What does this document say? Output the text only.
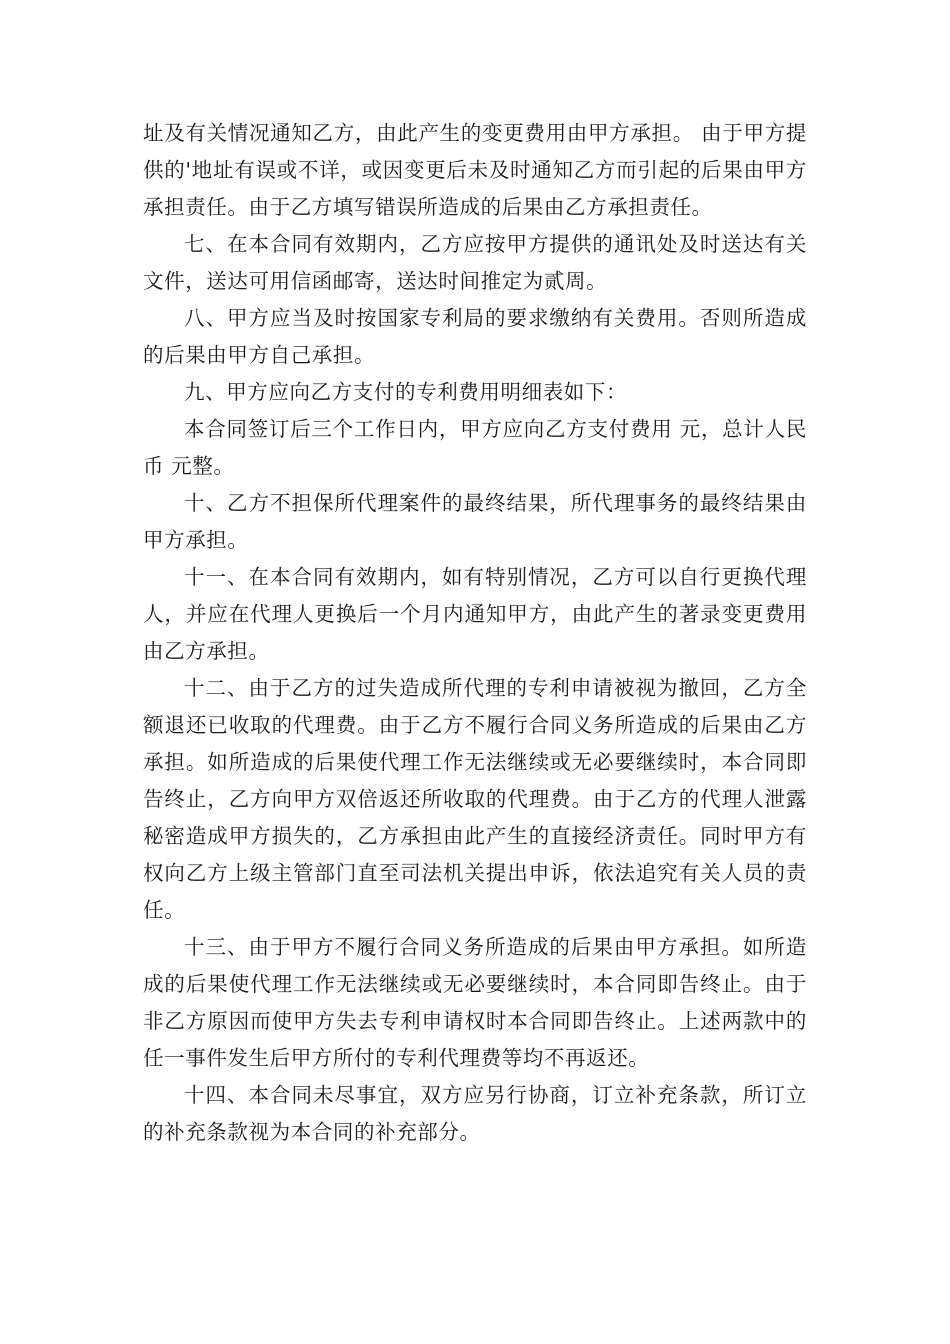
址及有关情况通知乙方，由此产生的变更费用由甲方承担。 由于甲方提供的'地址有误或不详，或因变更后未及时通知乙方而引起的后果由甲方承担责任。由于乙方填写错误所造成的后果由乙方承担责任。

七、在本合同有效期内，乙方应按甲方提供的通讯处及时送达有关文件，送达可用信函邮寄，送达时间推定为贰周。

八、甲方应当及时按国家专利局的要求缴纳有关费用。否则所造成的后果由甲方自己承担。

九、甲方应向乙方支付的专利费用明细表如下：

本合同签订后三个工作日内，甲方应向乙方支付费用 元，总计人民币 元整。

十、乙方不担保所代理案件的最终结果，所代理事务的最终结果由甲方承担。

十一、在本合同有效期内，如有特别情况，乙方可以自行更换代理人，并应在代理人更换后一个月内通知甲方，由此产生的著录变更费用由乙方承担。

十二、由于乙方的过失造成所代理的专利申请被视为撤回，乙方全额退还已收取的代理费。由于乙方不履行合同义务所造成的后果由乙方承担。如所造成的后果使代理工作无法继续或无必要继续时，本合同即告终止，乙方向甲方双倍返还所收取的代理费。由于乙方的代理人泄露秘密造成甲方损失的，乙方承担由此产生的直接经济责任。同时甲方有权向乙方上级主管部门直至司法机关提出申诉，依法追究有关人员的责任。

十三、由于甲方不履行合同义务所造成的后果由甲方承担。如所造成的后果使代理工作无法继续或无必要继续时，本合同即告终止。由于非乙方原因而使甲方失去专利申请权时本合同即告终止。上述两款中的任一事件发生后甲方所付的专利代理费等均不再返还。

十四、本合同未尽事宜，双方应另行协商，订立补充条款，所订立的补充条款视为本合同的补充部分。
